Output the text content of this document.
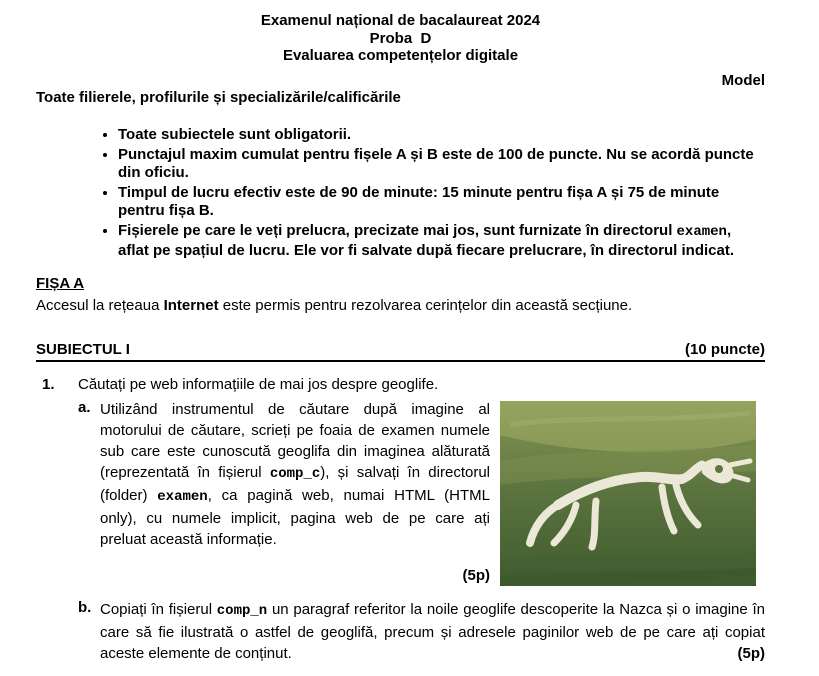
Examenul național de bacalaureat 2024
Proba  D
Evaluarea competențelor digitale
Model
Toate filierele, profilurile și specializările/calificările
• Toate subiectele sunt obligatorii.
• Punctajul maxim cumulat pentru fișele A și B este de 100 de puncte. Nu se acordă puncte din oficiu.
• Timpul de lucru efectiv este de 90 de minute: 15 minute pentru fișa A și 75 de minute pentru fișa B.
• Fișierele pe care le veți prelucra, precizate mai jos, sunt furnizate în directorul examen, aflat pe spațiul de lucru. Ele vor fi salvate după fiecare prelucrare, în directorul indicat.
FIȘA A

Accesul la rețeaua Internet este permis pentru rezolvarea cerințelor din această secțiune.

SUBIECTUL I	(10 puncte)
1.	Căutați pe web informațiile de mai jos despre geoglife.
a. Utilizând instrumentul de căutare după imagine al motorului de căutare, scrieți pe foaia de examen numele sub care este cunoscută geoglifa din imaginea alăturată (reprezentată în fișierul comp_c), și salvați în directorul (folder) examen, ca pagină web, numai HTML (HTML only), cu numele implicit, pagina web de pe care ați preluat această informație.
(5p)

b. Copiați în fișierul comp_n un paragraf referitor la noile geoglife descoperite la Nazca și o imagine în care să fie ilustrată o astfel de geoglifă, precum și adresele paginilor web de pe care ați copiat aceste elemente de conținut.	(5p)
